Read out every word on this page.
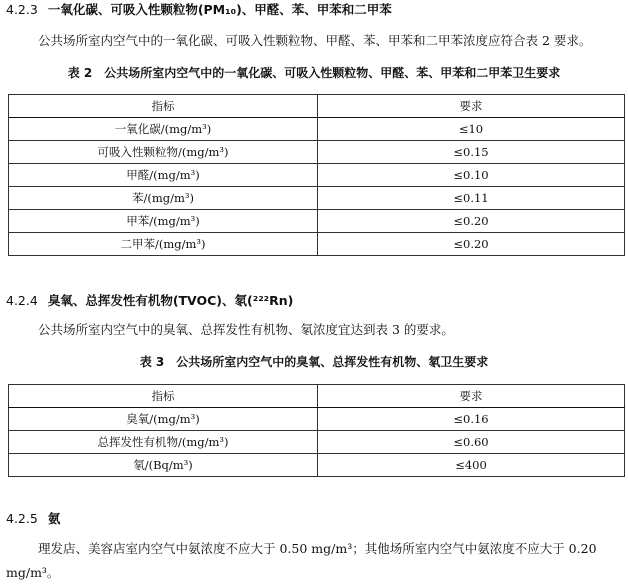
4.2.3 一氧化碳、可吸入性颗粒物(PM₁₀)、甲醛、苯、甲苯和二甲苯
公共场所室内空气中的一氧化碳、可吸入性颗粒物、甲醛、苯、甲苯和二甲苯浓度应符合表 2 要求。
表 2 公共场所室内空气中的一氧化碳、可吸入性颗粒物、甲醛、苯、甲苯和二甲苯卫生要求
指标	要求
一氧化碳/(mg/m³)	≤10
可吸入性颗粒物/(mg/m³)	≤0.15
甲醛/(mg/m³)	≤0.10
苯/(mg/m³)	≤0.11
甲苯/(mg/m³)	≤0.20
二甲苯/(mg/m³)	≤0.20
4.2.4 臭氧、总挥发性有机物(TVOC)、氡(²²²Rn)
公共场所室内空气中的臭氧、总挥发性有机物、氡浓度宜达到表 3 的要求。
表 3 公共场所室内空气中的臭氧、总挥发性有机物、氡卫生要求
指标	要求
臭氧/(mg/m³)	≤0.16
总挥发性有机物/(mg/m³)	≤0.60
氡/(Bq/m³)	≤400
4.2.5 氨
理发店、美容店室内空气中氨浓度不应大于 0.50 mg/m³；其他场所室内空气中氨浓度不应大于 0.20 mg/m³。
